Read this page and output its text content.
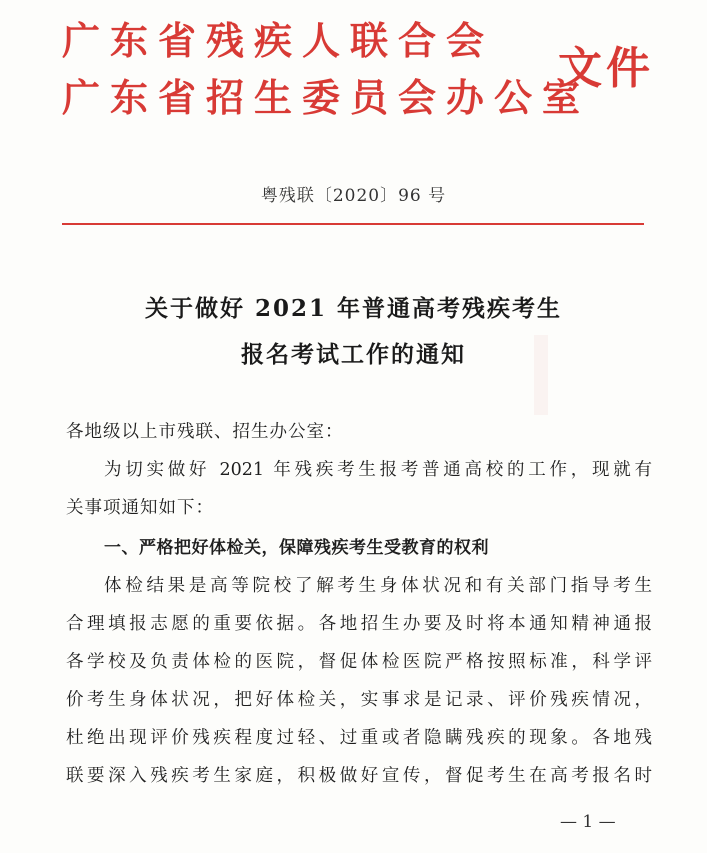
广东省残疾人联合会
广东省招生委员会办公室
文件
粤残联〔2020〕96 号
关于做好 2021 年普通高考残疾考生
报名考试工作的通知
各地级以上市残联、招生办公室：
为切实做好 2021 年残疾考生报考普通高校的工作，现就有
关事项通知如下：
一、严格把好体检关，保障残疾考生受教育的权利
体检结果是高等院校了解考生身体状况和有关部门指导考生
合理填报志愿的重要依据。各地招生办要及时将本通知精神通报
各学校及负责体检的医院，督促体检医院严格按照标准，科学评
价考生身体状况，把好体检关，实事求是记录、评价残疾情况，
杜绝出现评价残疾程度过轻、过重或者隐瞒残疾的现象。各地残
联要深入残疾考生家庭，积极做好宣传，督促考生在高考报名时
— 1 —
